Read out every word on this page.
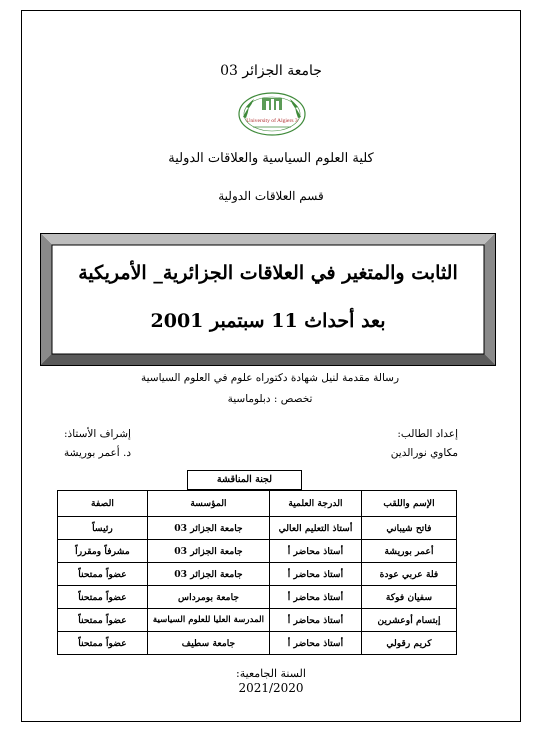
جامعة الجزائر 03
University of Algiers 3
كلية العلوم السياسية والعلاقات الدولية
قسم العلاقات الدولية
الثابت والمتغير في العلاقات الجزائرية_ الأمريكية
بعد أحداث 11 سبتمبر 2001
رسالة مقدمة لنيل شهادة دكتوراه علوم في العلوم السياسية
تخصص : دبلوماسية
إعداد الطالب:
مكاوي نورالدين
إشراف الأستاذ:
د. أعمر بوريشة
لجنة المناقشة
الإسم واللقب	الدرجة العلمية	المؤسسة	الصفة
فاتح شيباني	أستاذ التعليم العالي	جامعة الجزائر 03	رئيساً
أعمر بوريشة	أستاذ محاضر أ	جامعة الجزائر 03	مشرفاً ومقرراً
فلة عربي عودة	أستاذ محاضر أ	جامعة الجزائر 03	عضواً ممتحناً
سفيان فوكة	أستاذ محاضر أ	جامعة بومرداس	عضواً ممتحناً
إبتسام أوعشرين	أستاذ محاضر أ	المدرسة العليا للعلوم السياسية	عضواً ممتحناً
كريم رقولي	أستاذ محاضر أ	جامعة سطيف	عضواً ممتحناً
السنة الجامعية:
2021/2020
